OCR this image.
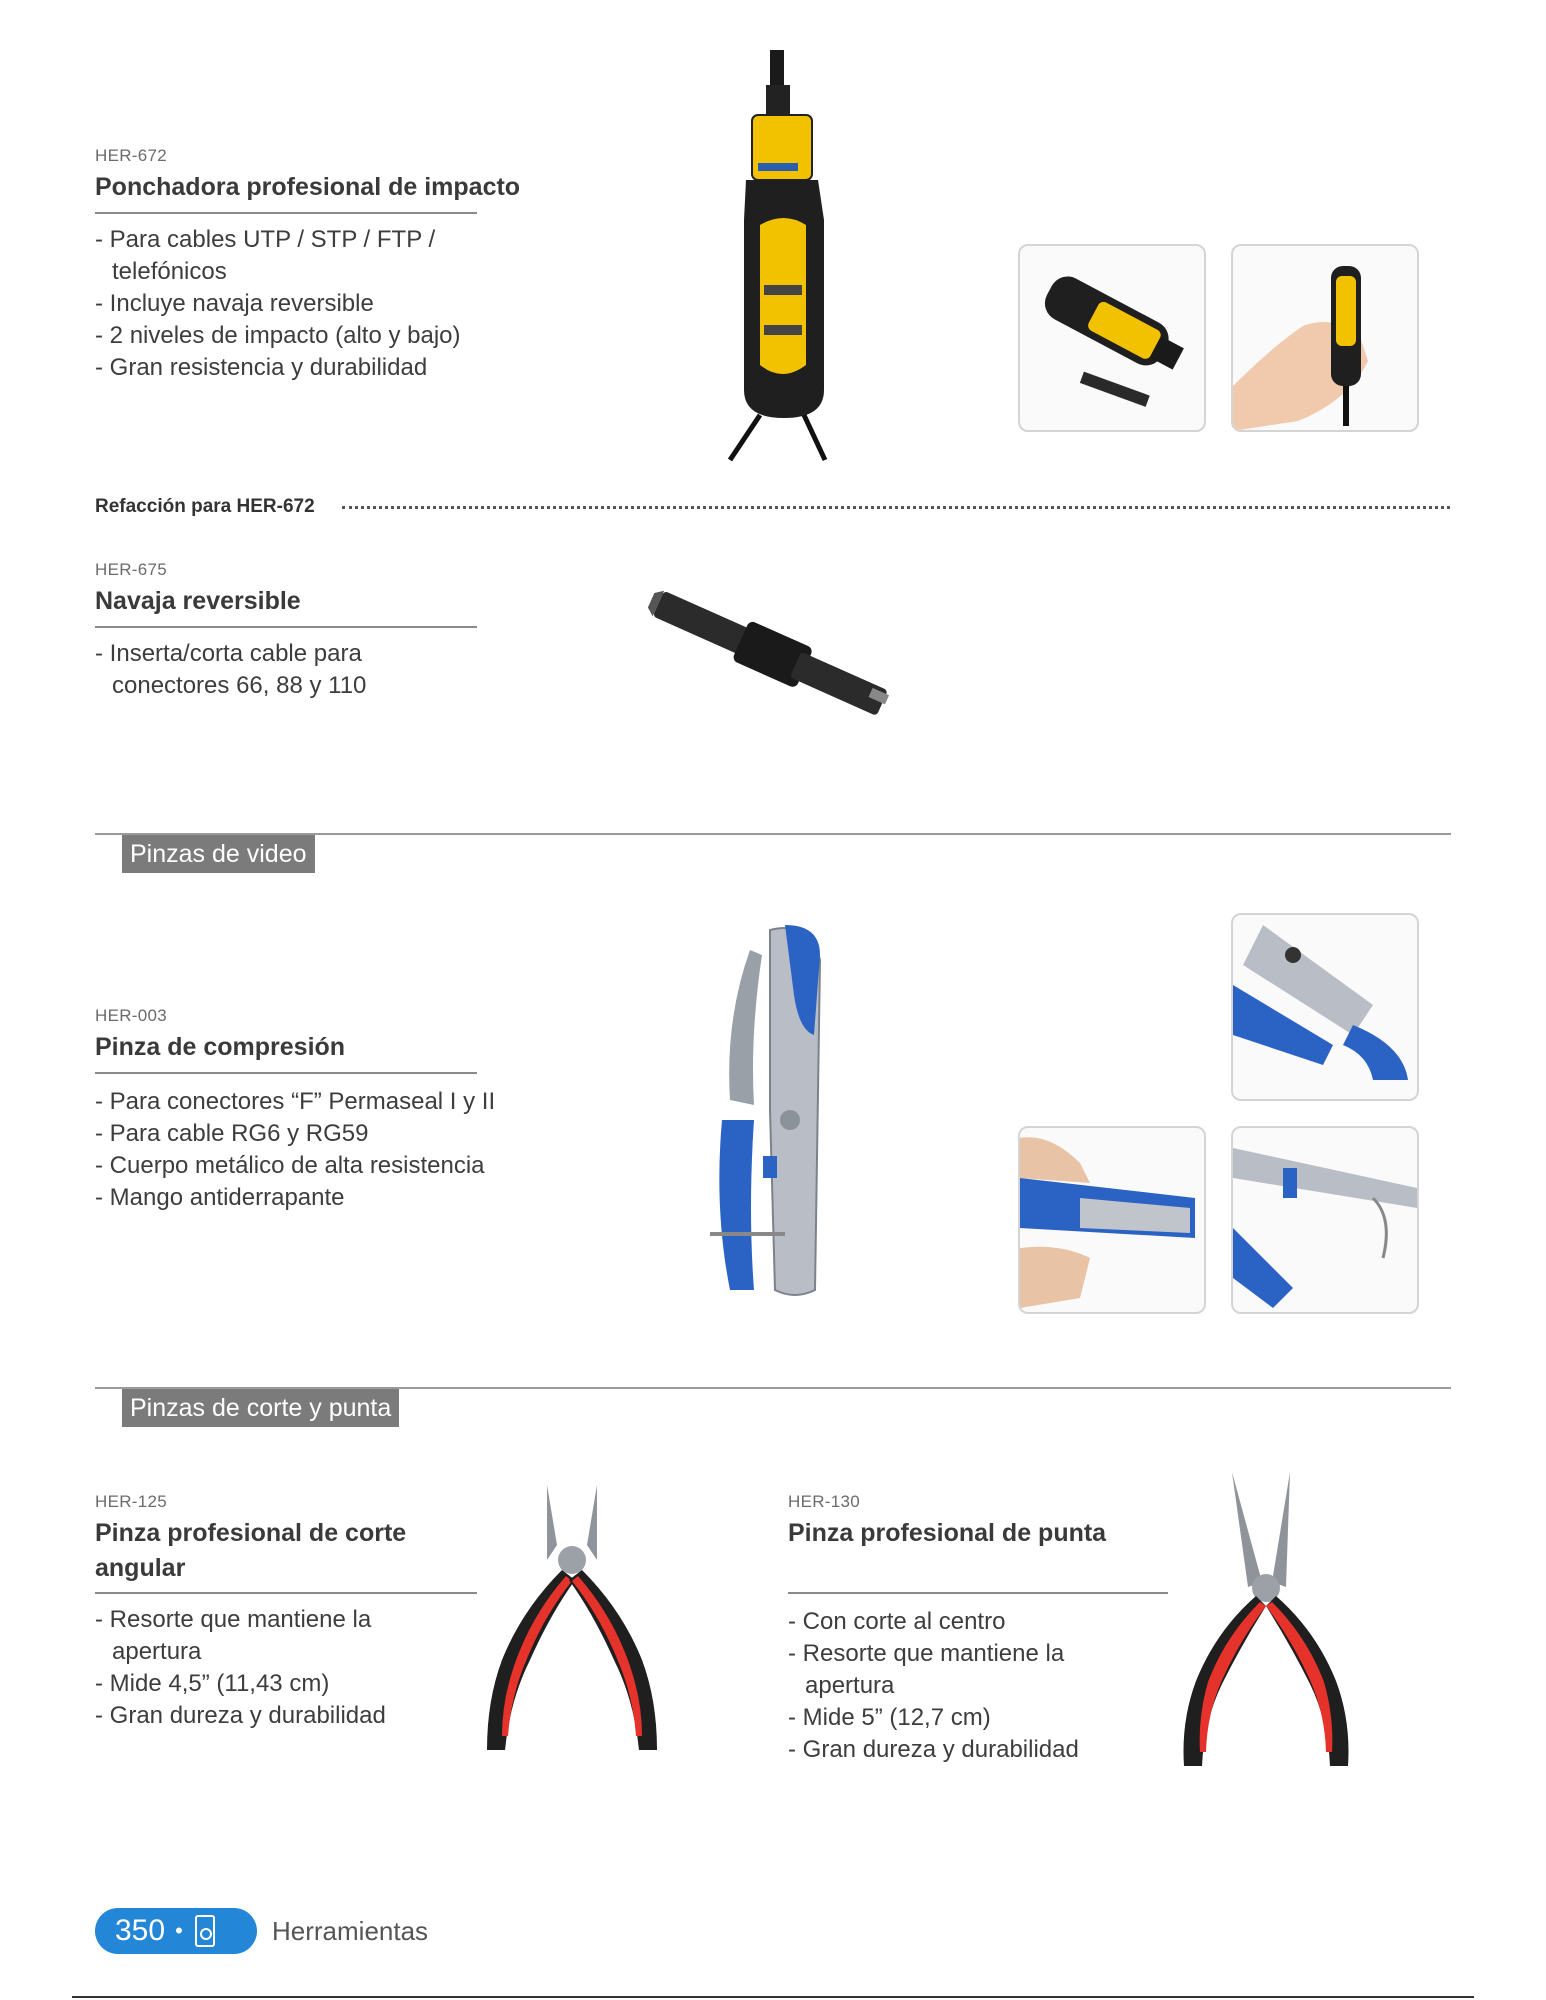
HER-672
Ponchadora profesional de impacto
- Para cables UTP / STP / FTP / telefónicos
- Incluye navaja reversible
- 2 niveles de impacto (alto y bajo)
- Gran resistencia y durabilidad
Refacción para HER-672
HER-675
Navaja reversible
- Inserta/corta cable para conectores 66, 88 y 110
Pinzas de video
HER-003
Pinza de compresión
- Para conectores “F” Permaseal I y II
- Para cable RG6 y RG59
- Cuerpo metálico de alta resistencia
- Mango antiderrapante
Pinzas de corte y punta
HER-125
Pinza profesional de corte angular
- Resorte que mantiene la apertura
- Mide 4,5” (11,43 cm)
- Gran dureza y durabilidad
HER-130
Pinza profesional de punta
- Con corte al centro
- Resorte que mantiene la apertura
- Mide 5” (12,7 cm)
- Gran dureza y durabilidad
350 •	Herramientas
